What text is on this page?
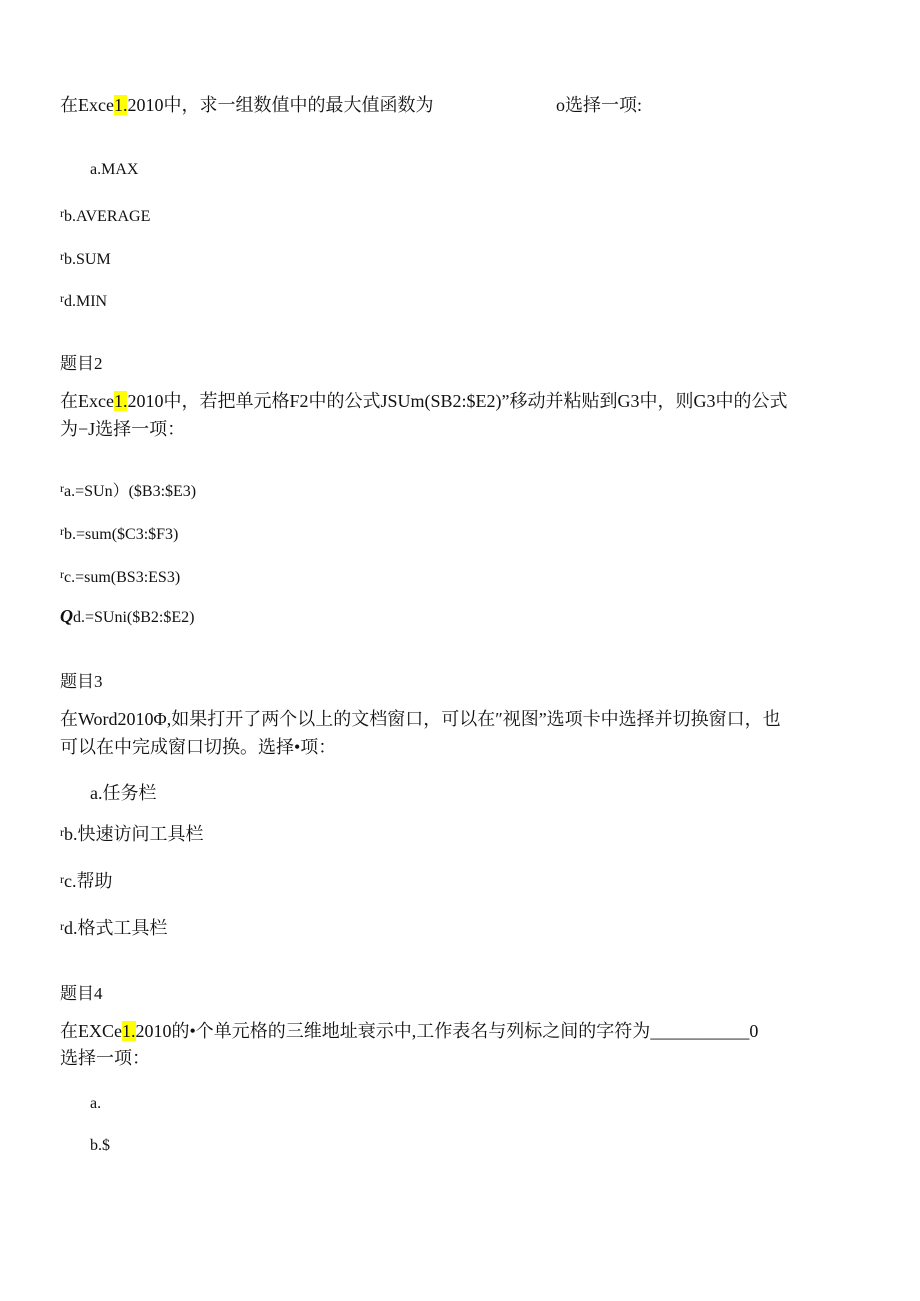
在Exce1.2010中，求一组数值中的最大值函数为	o选择一项:
a.MAX
$^r$b.AVERAGE
$^r$b.SUM
$^r$d.MIN
题目2
在Exce1.2010中，若把单元格F2中的公式JSUm(SB2:$E2)”移动并粘贴到G3中，则G3中的公式
为−J选择一项：
$^r$a.=SUn）($B3:$E3)
$^r$b.=sum($C3:$F3)
$^r$c.=sum(BS3:ES3)
Qd.=SUni($B2:$E2)
题目3
在Word2010Φ,如果打开了两个以上的文档窗口，可以在″视图”选项卡中选择并切换窗口，也
可以在中完成窗口切换。选择•项：
a.任务栏
$^r$b.快速访问工具栏
$^r$c.帮助
$^r$d.格式工具栏
题目4
在EXCe1.2010的•个单元格的三维地址衰示中,工作表名与列标之间的字符为___________0
选择一项：
a.
b.$
